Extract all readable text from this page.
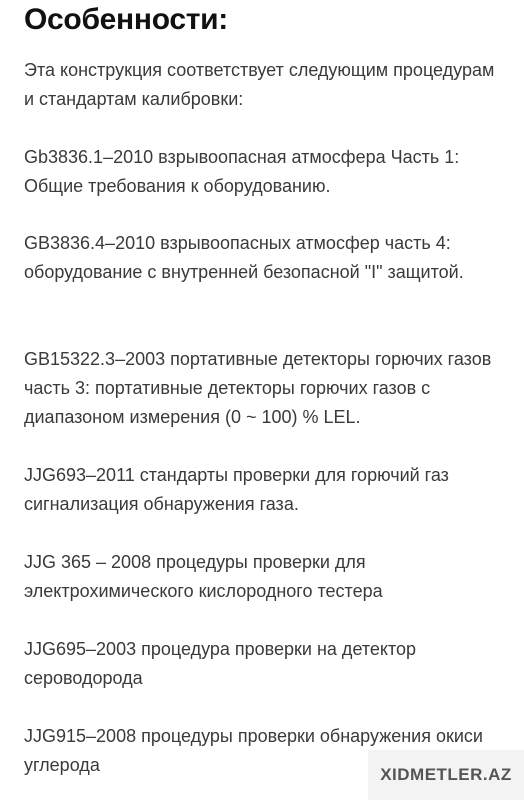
Особенности:

Эта конструкция соответствует следующим процедурам и стандартам калибровки:

Gb3836.1–2010 взрывоопасная атмосфера Часть 1: Общие требования к оборудованию.

GB3836.4–2010 взрывоопасных атмосфер часть 4: оборудование с внутренней безопасной "I" защитой.

GB15322.3–2003 портативные детекторы горючих газов часть 3: портативные детекторы горючих газов с диапазоном измерения (0 ~ 100) % LEL.

JJG693–2011 стандарты проверки для горючий газ сигнализация обнаружения газа.

JJG 365 – 2008 процедуры проверки для электрохимического кислородного тестера

JJG695–2003 процедура проверки на детектор сероводорода

JJG915–2008 процедуры проверки обнаружения окиси углерода	XIDMETLER.AZ
